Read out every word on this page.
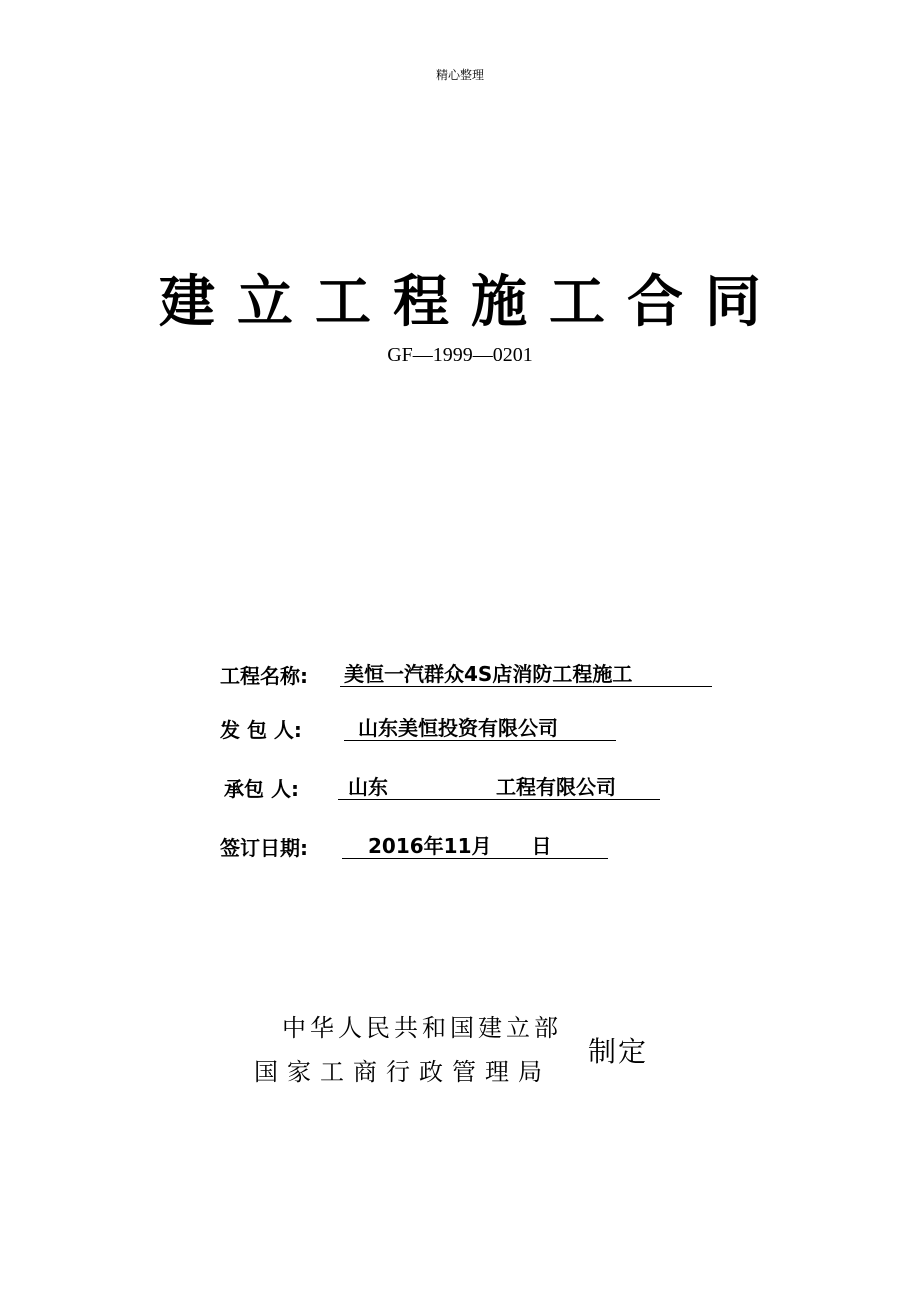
精心整理
建立工程施工合同
GF—1999—0201
工程名称: 美恒一汽群众4S店消防工程施工
发 包 人:	山东美恒投资有限公司
承包 人:	山东	工程有限公司
签订日期:	2016年11月 日
中华人民共和国建立部
国家工商行政管理局
制定
